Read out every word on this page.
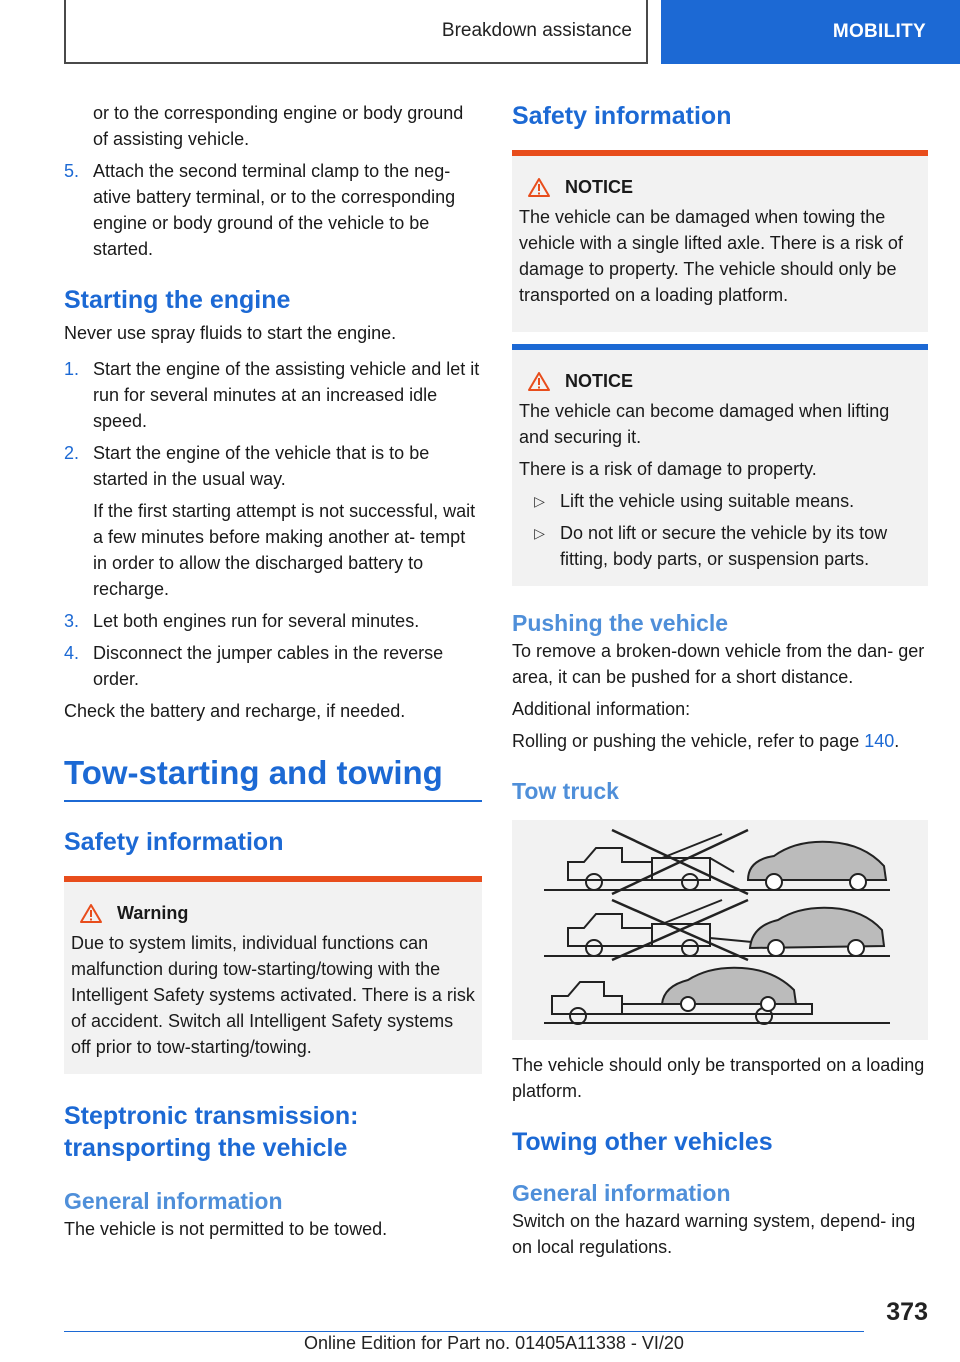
Breakdown assistance	MOBILITY

or to the corresponding engine or body ground of assisting vehicle.

5. Attach the second terminal clamp to the neg‐ ative battery terminal, or to the corresponding engine or body ground of the vehicle to be started.
Starting the engine

Never use spray fluids to start the engine.

1. Start the engine of the assisting vehicle and let it run for several minutes at an increased idle speed.
2. Start the engine of the vehicle that is to be started in the usual way.

If the first starting attempt is not successful, wait a few minutes before making another at‐ tempt in order to allow the discharged battery to recharge.

3. Let both engines run for several minutes.
4. Disconnect the jumper cables in the reverse order.

Check the battery and recharge, if needed.

Tow-starting and towing
Safety information
Warning

Due to system limits, individual functions can malfunction during tow-starting/towing with the Intelligent Safety systems activated. There is a risk of accident. Switch all Intelligent Safety systems off prior to tow-starting/towing.

Steptronic transmission: transporting the vehicle
General information

The vehicle is not permitted to be towed.

Safety information
NOTICE

The vehicle can be damaged when towing the vehicle with a single lifted axle. There is a risk of damage to property. The vehicle should only be transported on a loading platform.

NOTICE

The vehicle can become damaged when lifting and securing it.

There is a risk of damage to property.

▷ Lift the vehicle using suitable means.
▷ Do not lift or secure the vehicle by its tow fitting, body parts, or suspension parts.
Pushing the vehicle

To remove a broken-down vehicle from the dan‐ ger area, it can be pushed for a short distance.

Additional information:

Rolling or pushing the vehicle, refer to page 140.

Tow truck

The vehicle should only be transported on a loading platform.

Towing other vehicles
General information

Switch on the hazard warning system, depend‐ ing on local regulations.

373
Online Edition for Part no. 01405A11338 - VI/20
